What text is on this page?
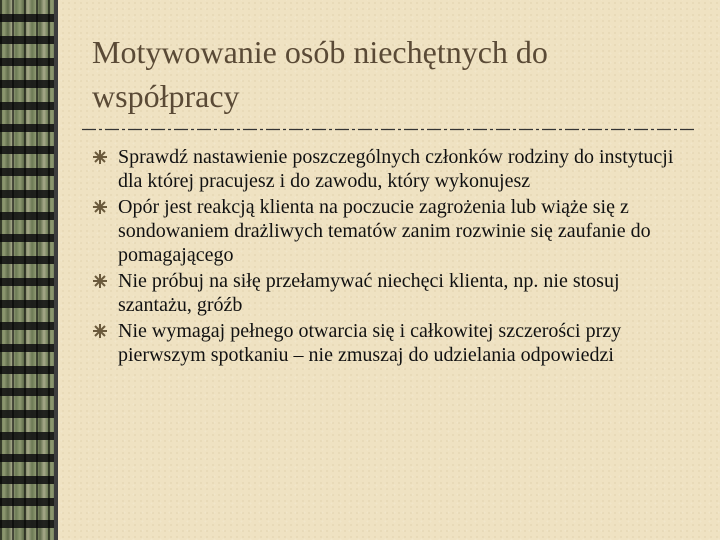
Motywowanie osób niechętnych do współpracy
Sprawdź nastawienie poszczególnych członków rodziny do instytucji dla której pracujesz i do zawodu, który wykonujesz
Opór jest reakcją klienta na poczucie zagrożenia lub wiąże się z sondowaniem drażliwych tematów zanim rozwinie się zaufanie do pomagającego
Nie próbuj na siłę przełamywać niechęci klienta, np. nie stosuj szantażu, gróźb
Nie wymagaj pełnego otwarcia się i całkowitej szczerości przy pierwszym spotkaniu – nie zmuszaj do udzielania odpowiedzi
